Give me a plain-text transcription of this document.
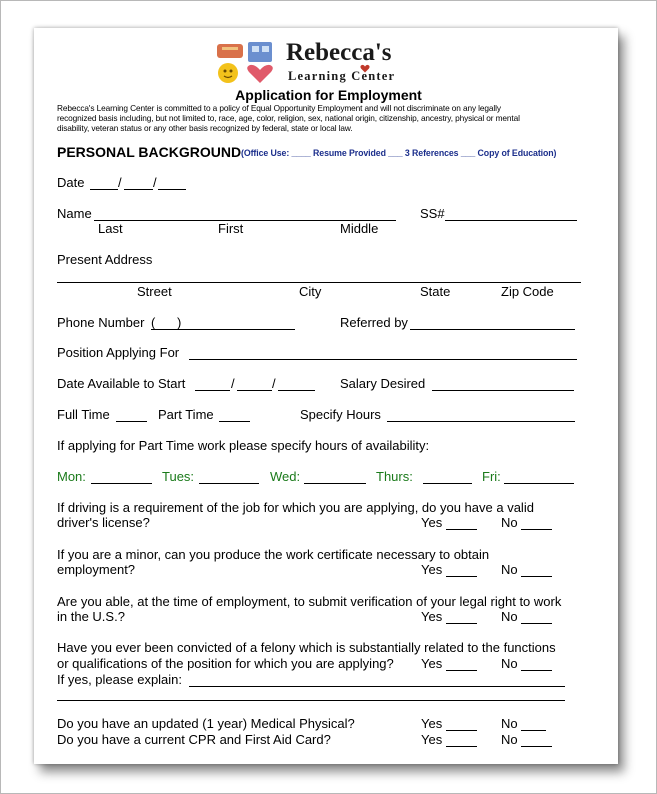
Rebecca's
Learning Center
Application for Employment
Rebecca's Learning Center is committed to a policy of Equal Opportunity Employment and will not discriminate on any legally
recognized basis including, but not limited to, race, age, color, religion, sex, national origin, citizenship, ancestry, physical or mental
disability, veteran status or any other basis recognized by federal, state or local law.
PERSONAL BACKGROUND (Office Use: ____ Resume Provided ___ 3 References ___ Copy of Education)
Date	/ /
Name
Last	First	Middle
SS#
Present Address
Street	City	State	Zip Code
Phone Number (      )	Referred by
Position Applying For
Date Available to Start	/	/	Salary Desired
Full Time	Part Time	Specify Hours
If applying for Part Time work please specify hours of availability:
Mon:	Tues:	Wed:	Thurs:	Fri:
If driving is a requirement of the job for which you are applying, do you have a valid
driver's license?	Yes	No
If you are a minor, can you produce the work certificate necessary to obtain
employment?	Yes	No
Are you able, at the time of employment, to submit verification of your legal right to work
in the U.S.?	Yes	No
Have you ever been convicted of a felony which is substantially related to the functions
or qualifications of the position for which you are applying? Yes	No
If yes, please explain:
Do you have an updated (1 year) Medical Physical?	Yes	No
Do you have a current CPR and First Aid Card?	Yes	No
